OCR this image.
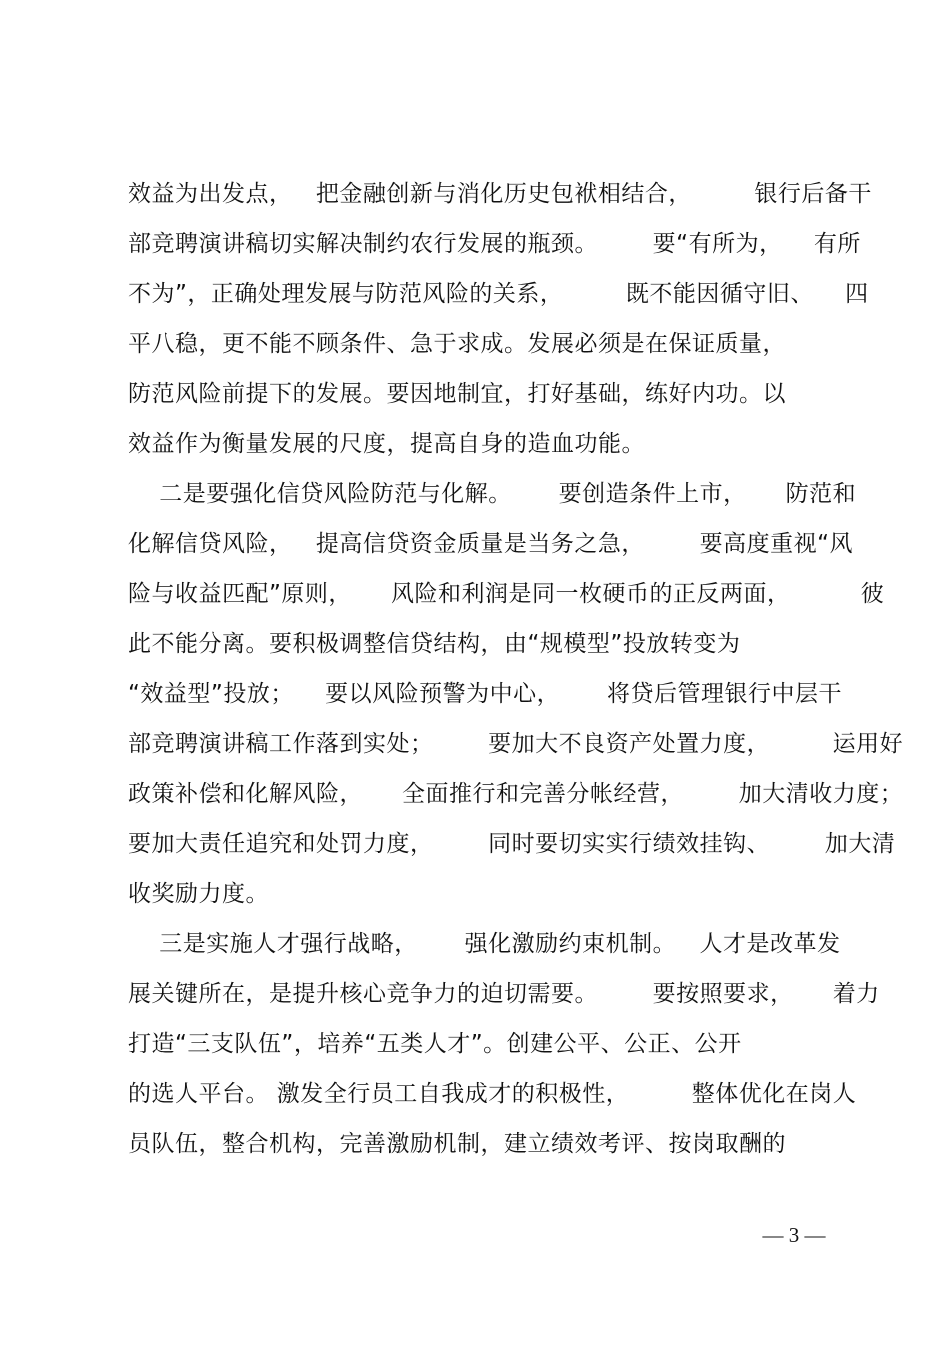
效益为出发点，   把金融创新与消化历史包袱相结合，        银行后备干
部竞聘演讲稿切实解决制约农行发展的瓶颈。       要“有所为，    有所
不为”，正确处理发展与防范风险的关系，        既不能因循守旧、    四
平八稳，更不能不顾条件、急于求成。发展必须是在保证质量，
防范风险前提下的发展。要因地制宜，打好基础，练好内功。以
效益作为衡量发展的尺度，提高自身的造血功能。
二是要强化信贷风险防范与化解。      要创造条件上市，     防范和
化解信贷风险，   提高信贷资金质量是当务之急，       要高度重视“风
险与收益匹配”原则，     风险和利润是同一枚硬币的正反两面，         彼
此不能分离。要积极调整信贷结构，由“规模型”投放转变为
“效益型”投放；    要以风险预警为中心，      将贷后管理银行中层干
部竞聘演讲稿工作落到实处；       要加大不良资产处置力度，        运用好
政策补偿和化解风险，     全面推行和完善分帐经营，       加大清收力度；
要加大责任追究和处罚力度，       同时要切实实行绩效挂钩、       加大清
收奖励力度。
三是实施人才强行战略，      强化激励约束机制。   人才是改革发
展关键所在，是提升核心竞争力的迫切需要。       要按照要求，     着力
打造“三支队伍”，培养“五类人才”。创建公平、公正、公开
的选人平台。 激发全行员工自我成才的积极性，        整体优化在岗人
员队伍，整合机构，完善激励机制，建立绩效考评、按岗取酬的
— 3 —
